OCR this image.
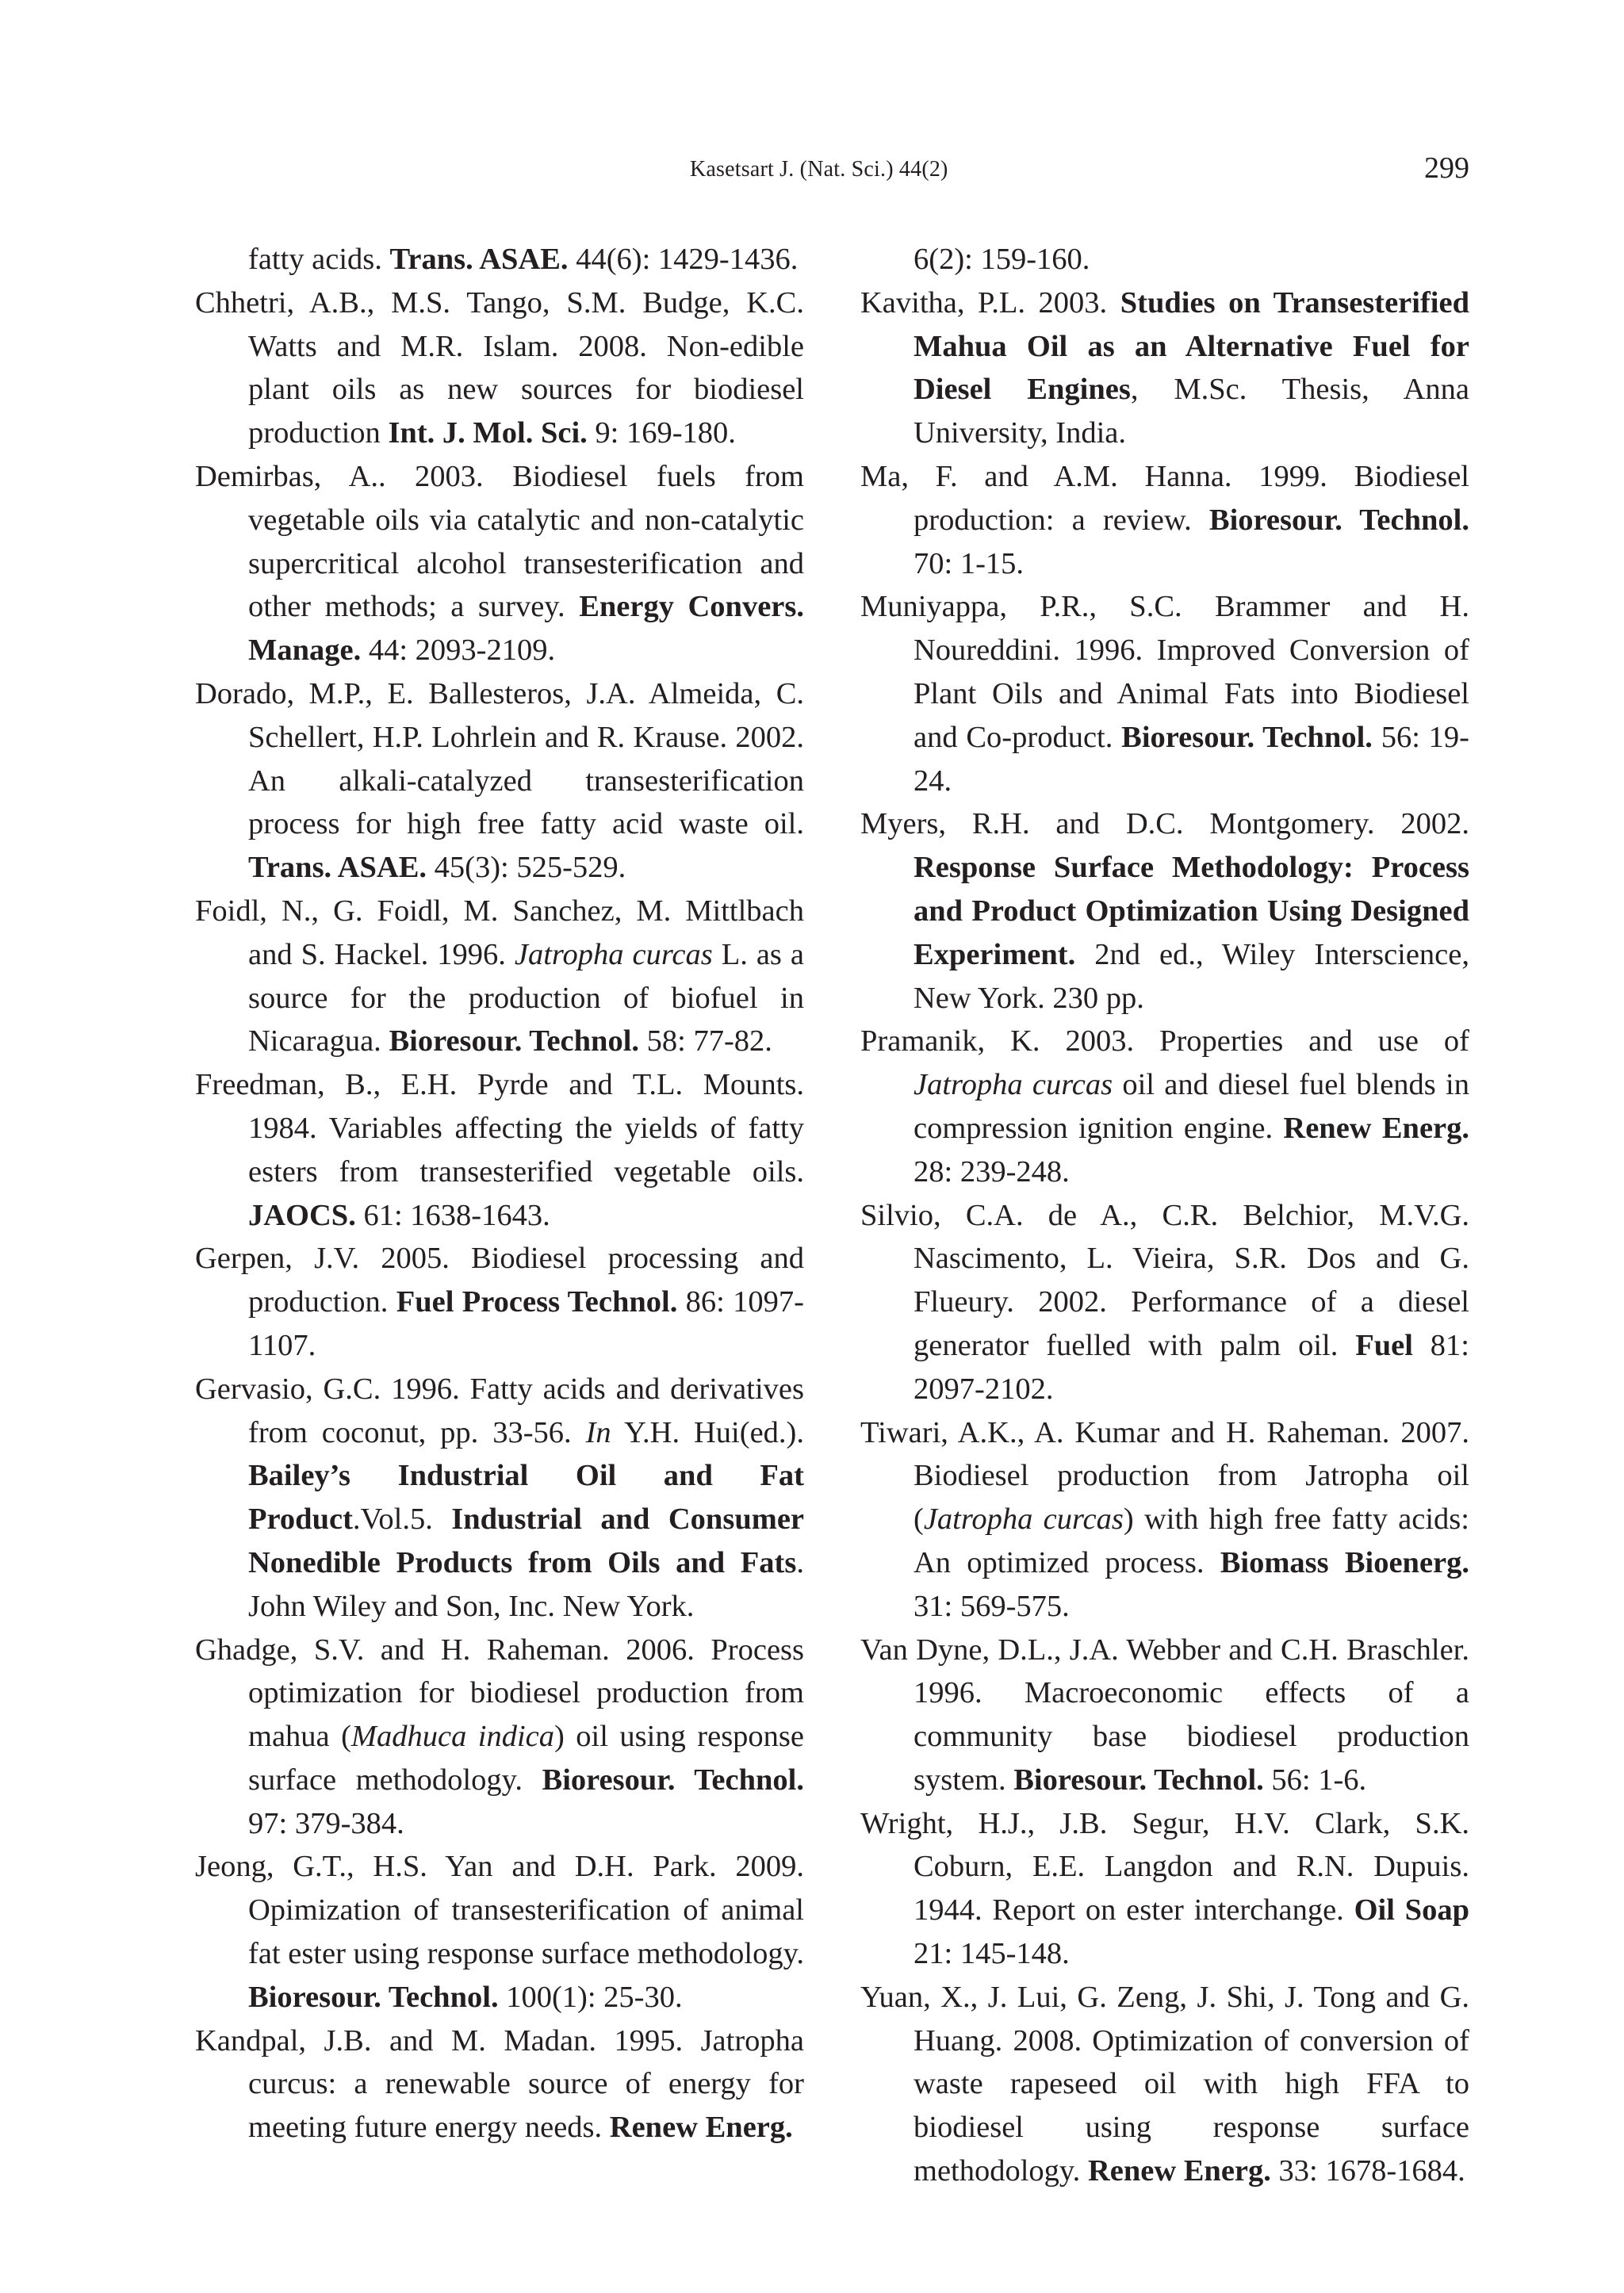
Kasetsart J. (Nat. Sci.) 44(2)	299

fatty acids. Trans. ASAE. 44(6): 1429-1436.

Chhetri, A.B., M.S. Tango, S.M. Budge, K.C. Watts and M.R. Islam. 2008. Non-edible plant oils as new sources for biodiesel production Int. J. Mol. Sci. 9: 169-180.

Demirbas, A.. 2003. Biodiesel fuels from vegetable oils via catalytic and non-catalytic supercritical alcohol transesterification and other methods; a survey. Energy Convers. Manage. 44: 2093-2109.

Dorado, M.P., E. Ballesteros, J.A. Almeida, C. Schellert, H.P. Lohrlein and R. Krause. 2002. An alkali-catalyzed transesterification process for high free fatty acid waste oil. Trans. ASAE. 45(3): 525-529.

Foidl, N., G. Foidl, M. Sanchez, M. Mittlbach and S. Hackel. 1996. Jatropha curcas L. as a source for the production of biofuel in Nicaragua. Bioresour. Technol. 58: 77-82.

Freedman, B., E.H. Pyrde and T.L. Mounts. 1984. Variables affecting the yields of fatty esters from transesterified vegetable oils. JAOCS. 61: 1638-1643.

Gerpen, J.V. 2005. Biodiesel processing and production. Fuel Process Technol. 86: 1097-1107.

Gervasio, G.C. 1996. Fatty acids and derivatives from coconut, pp. 33-56. In Y.H. Hui(ed.). Bailey’s Industrial Oil and Fat Product.Vol.5. Industrial and Consumer Nonedible Products from Oils and Fats. John Wiley and Son, Inc. New York.

Ghadge, S.V. and H. Raheman. 2006. Process optimization for biodiesel production from mahua (Madhuca indica) oil using response surface methodology. Bioresour. Technol. 97: 379-384.

Jeong, G.T., H.S. Yan and D.H. Park. 2009. Opimization of transesterification of animal fat ester using response surface methodology. Bioresour. Technol. 100(1): 25-30.

Kandpal, J.B. and M. Madan. 1995. Jatropha curcus: a renewable source of energy for meeting future energy needs. Renew Energ.

6(2): 159-160.

Kavitha, P.L. 2003. Studies on Transesterified Mahua Oil as an Alternative Fuel for Diesel Engines, M.Sc. Thesis, Anna University, India.

Ma, F. and A.M. Hanna. 1999. Biodiesel production: a review. Bioresour. Technol. 70: 1-15.

Muniyappa, P.R., S.C. Brammer and H. Noureddini. 1996. Improved Conversion of Plant Oils and Animal Fats into Biodiesel and Co-product. Bioresour. Technol. 56: 19-24.

Myers, R.H. and D.C. Montgomery. 2002. Response Surface Methodology: Process and Product Optimization Using Designed Experiment. 2nd ed., Wiley Interscience, New York. 230 pp.

Pramanik, K. 2003. Properties and use of Jatropha curcas oil and diesel fuel blends in compression ignition engine. Renew Energ. 28: 239-248.

Silvio, C.A. de A., C.R. Belchior, M.V.G. Nascimento, L. Vieira, S.R. Dos and G. Flueury. 2002. Performance of a diesel generator fuelled with palm oil. Fuel 81: 2097-2102.

Tiwari, A.K., A. Kumar and H. Raheman. 2007. Biodiesel production from Jatropha oil (Jatropha curcas) with high free fatty acids: An optimized process. Biomass Bioenerg. 31: 569-575.

Van Dyne, D.L., J.A. Webber and C.H. Braschler. 1996. Macroeconomic effects of a community base biodiesel production system. Bioresour. Technol. 56: 1-6.

Wright, H.J., J.B. Segur, H.V. Clark, S.K. Coburn, E.E. Langdon and R.N. Dupuis. 1944. Report on ester interchange. Oil Soap 21: 145-148.

Yuan, X., J. Lui, G. Zeng, J. Shi, J. Tong and G. Huang. 2008. Optimization of conversion of waste rapeseed oil with high FFA to biodiesel using response surface methodology. Renew Energ. 33: 1678-1684.
